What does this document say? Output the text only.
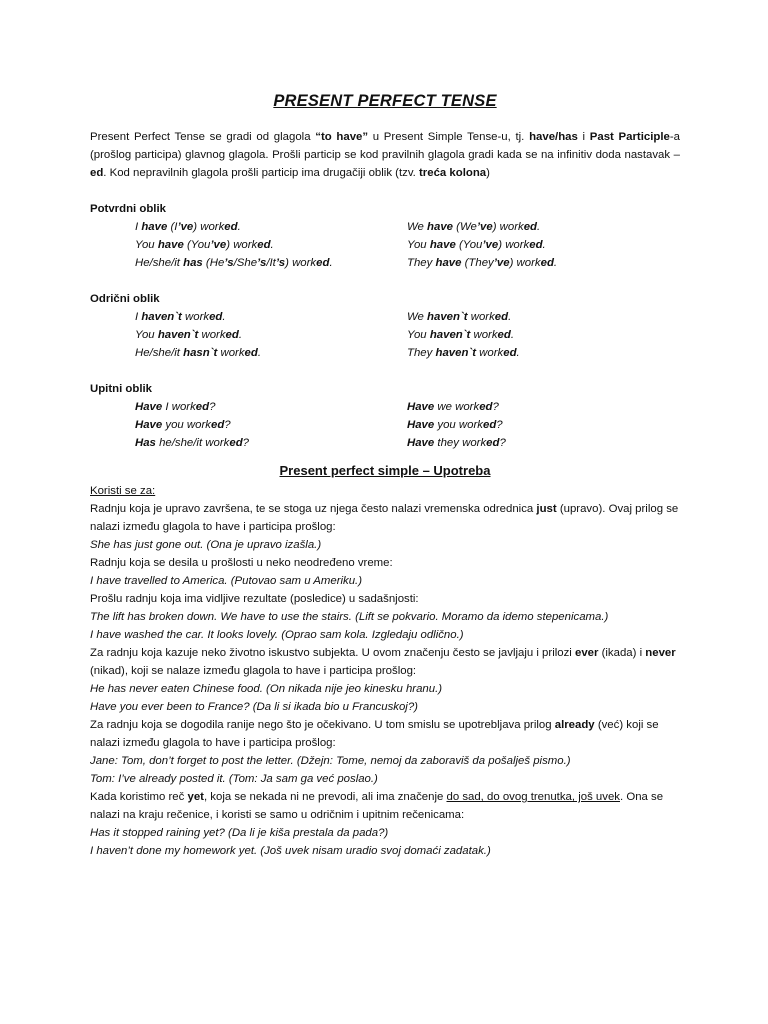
PRESENT PERFECT TENSE

Present Perfect Tense se gradi od glagola “to have” u Present Simple Tense-u, tj. have/has i Past Participle-a (prošlog participa) glavnog glagola. Prošli particip se kod pravilnih glagola gradi kada se na infinitiv doda nastavak – ed. Kod nepravilnih glagola prošli particip ima drugačiji oblik (tzv. treća kolona)

Potvrdni oblik
I have (I’ve) worked.	We have (We’ve) worked.
You have (You’ve) worked.	You have (You’ve) worked.
He/she/it has (He’s/She’s/It’s) worked.	They have (They’ve) worked.
Odrični oblik
I haven`t worked.	We haven`t worked.
You haven`t worked.	You haven`t worked.
He/she/it hasn`t worked.	They haven`t worked.
Upitni oblik
Have I worked?	Have we worked?
Have you worked?	Have you worked?
Has he/she/it worked?	Have they worked?
Present perfect simple – Upotreba

Koristi se za:

Radnju koja je upravo završena, te se stoga uz njega često nalazi vremenska odrednica just (upravo). Ovaj prilog se nalazi između glagola to have i participa prošlog:

She has just gone out. (Ona je upravo izašla.)

Radnju koja se desila u prošlosti u neko neodređeno vreme:

I have travelled to America. (Putovao sam u Ameriku.)

Prošlu radnju koja ima vidljive rezultate (posledice) u sadašnjosti:

The lift has broken down. We have to use the stairs. (Lift se pokvario. Moramo da idemo stepenicama.)

I have washed the car. It looks lovely. (Oprao sam kola. Izgledaju odlično.)

Za radnju koja kazuje neko životno iskustvo subjekta. U ovom značenju često se javljaju i prilozi ever (ikada) i never (nikad), koji se nalaze između glagola to have i participa prošlog:

He has never eaten Chinese food. (On nikada nije jeo kinesku hranu.)

Have you ever been to France? (Da li si ikada bio u Francuskoj?)

Za radnju koja se dogodila ranije nego što je očekivano. U tom smislu se upotrebljava prilog already (već) koji se nalazi između glagola to have i participa prošlog:

Jane: Tom, don’t forget to post the letter. (Džejn: Tome, nemoj da zaboraviš da pošalješ pismo.)

Tom: I’ve already posted it. (Tom: Ja sam ga već poslao.)

Kada koristimo reč yet, koja se nekada ni ne prevodi, ali ima značenje do sad, do ovog trenutka, još uvek. Ona se nalazi na kraju rečenice, i koristi se samo u odričnim i upitnim rečenicama:

Has it stopped raining yet? (Da li je kiša prestala da pada?)

I haven’t done my homework yet. (Još uvek nisam uradio svoj domaći zadatak.)
